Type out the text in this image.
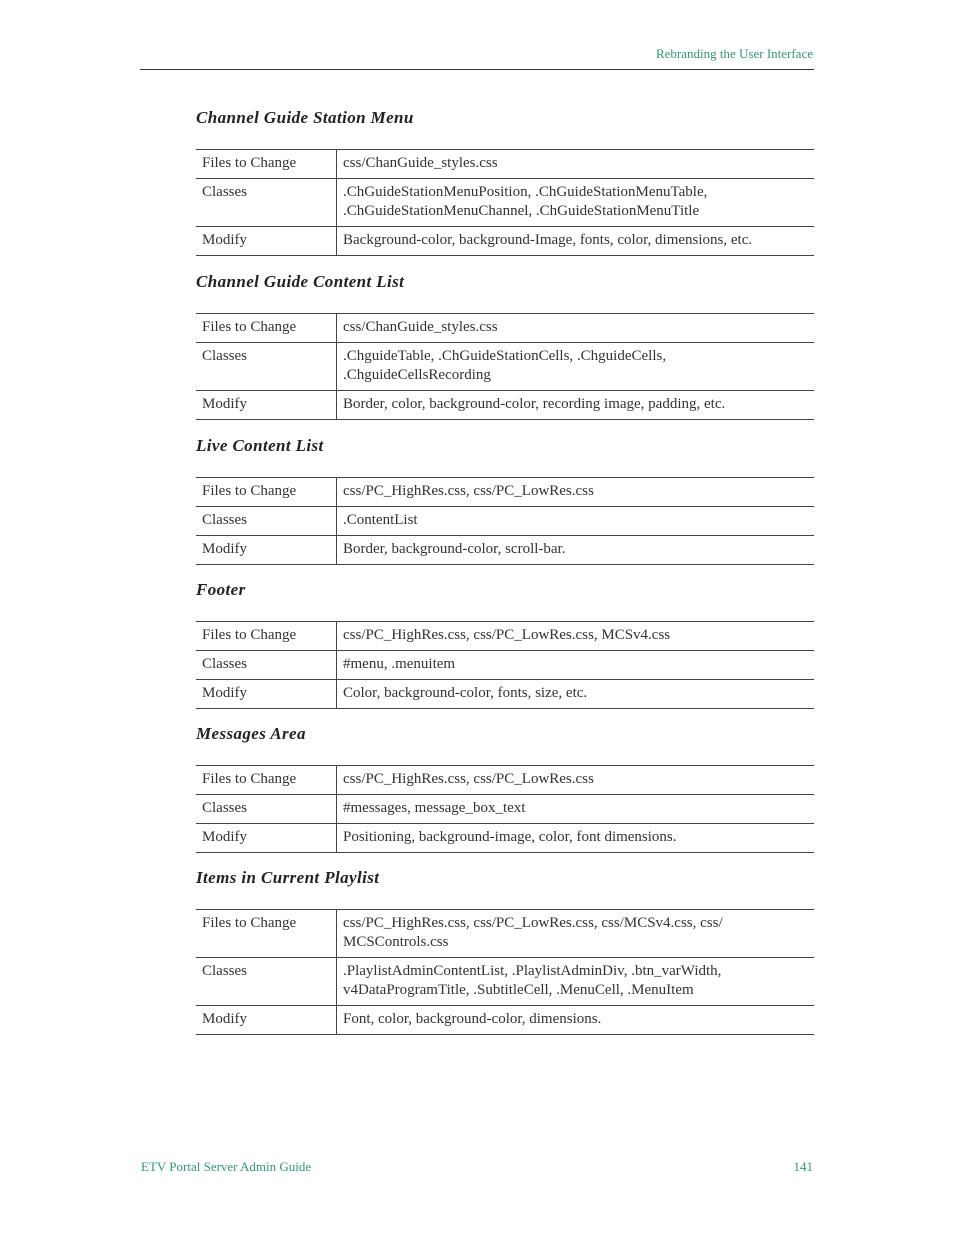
Rebranding the User Interface
Channel Guide Station Menu
Files to Change	css/ChanGuide_styles.css
Classes	.ChGuideStationMenuPosition, .ChGuideStationMenuTable, .ChGuideStationMenuChannel, .ChGuideStationMenuTitle
Modify	Background-color, background-Image, fonts, color, dimensions, etc.
Channel Guide Content List
Files to Change	css/ChanGuide_styles.css
Classes	.ChguideTable, .ChGuideStationCells, .ChguideCells, .ChguideCellsRecording
Modify	Border, color, background-color, recording image, padding, etc.
Live Content List
Files to Change	css/PC_HighRes.css, css/PC_LowRes.css
Classes	.ContentList
Modify	Border, background-color, scroll-bar.
Footer
Files to Change	css/PC_HighRes.css, css/PC_LowRes.css, MCSv4.css
Classes	#menu, .menuitem
Modify	Color, background-color, fonts, size, etc.
Messages Area
Files to Change	css/PC_HighRes.css, css/PC_LowRes.css
Classes	#messages, message_box_text
Modify	Positioning, background-image, color, font dimensions.
Items in Current Playlist
Files to Change	css/PC_HighRes.css, css/PC_LowRes.css, css/MCSv4.css, css/ MCSControls.css
Classes	.PlaylistAdminContentList, .PlaylistAdminDiv, .btn_varWidth, v4DataProgramTitle, .SubtitleCell, .MenuCell, .MenuItem
Modify	Font, color, background-color, dimensions.
ETV Portal Server Admin Guide	141
